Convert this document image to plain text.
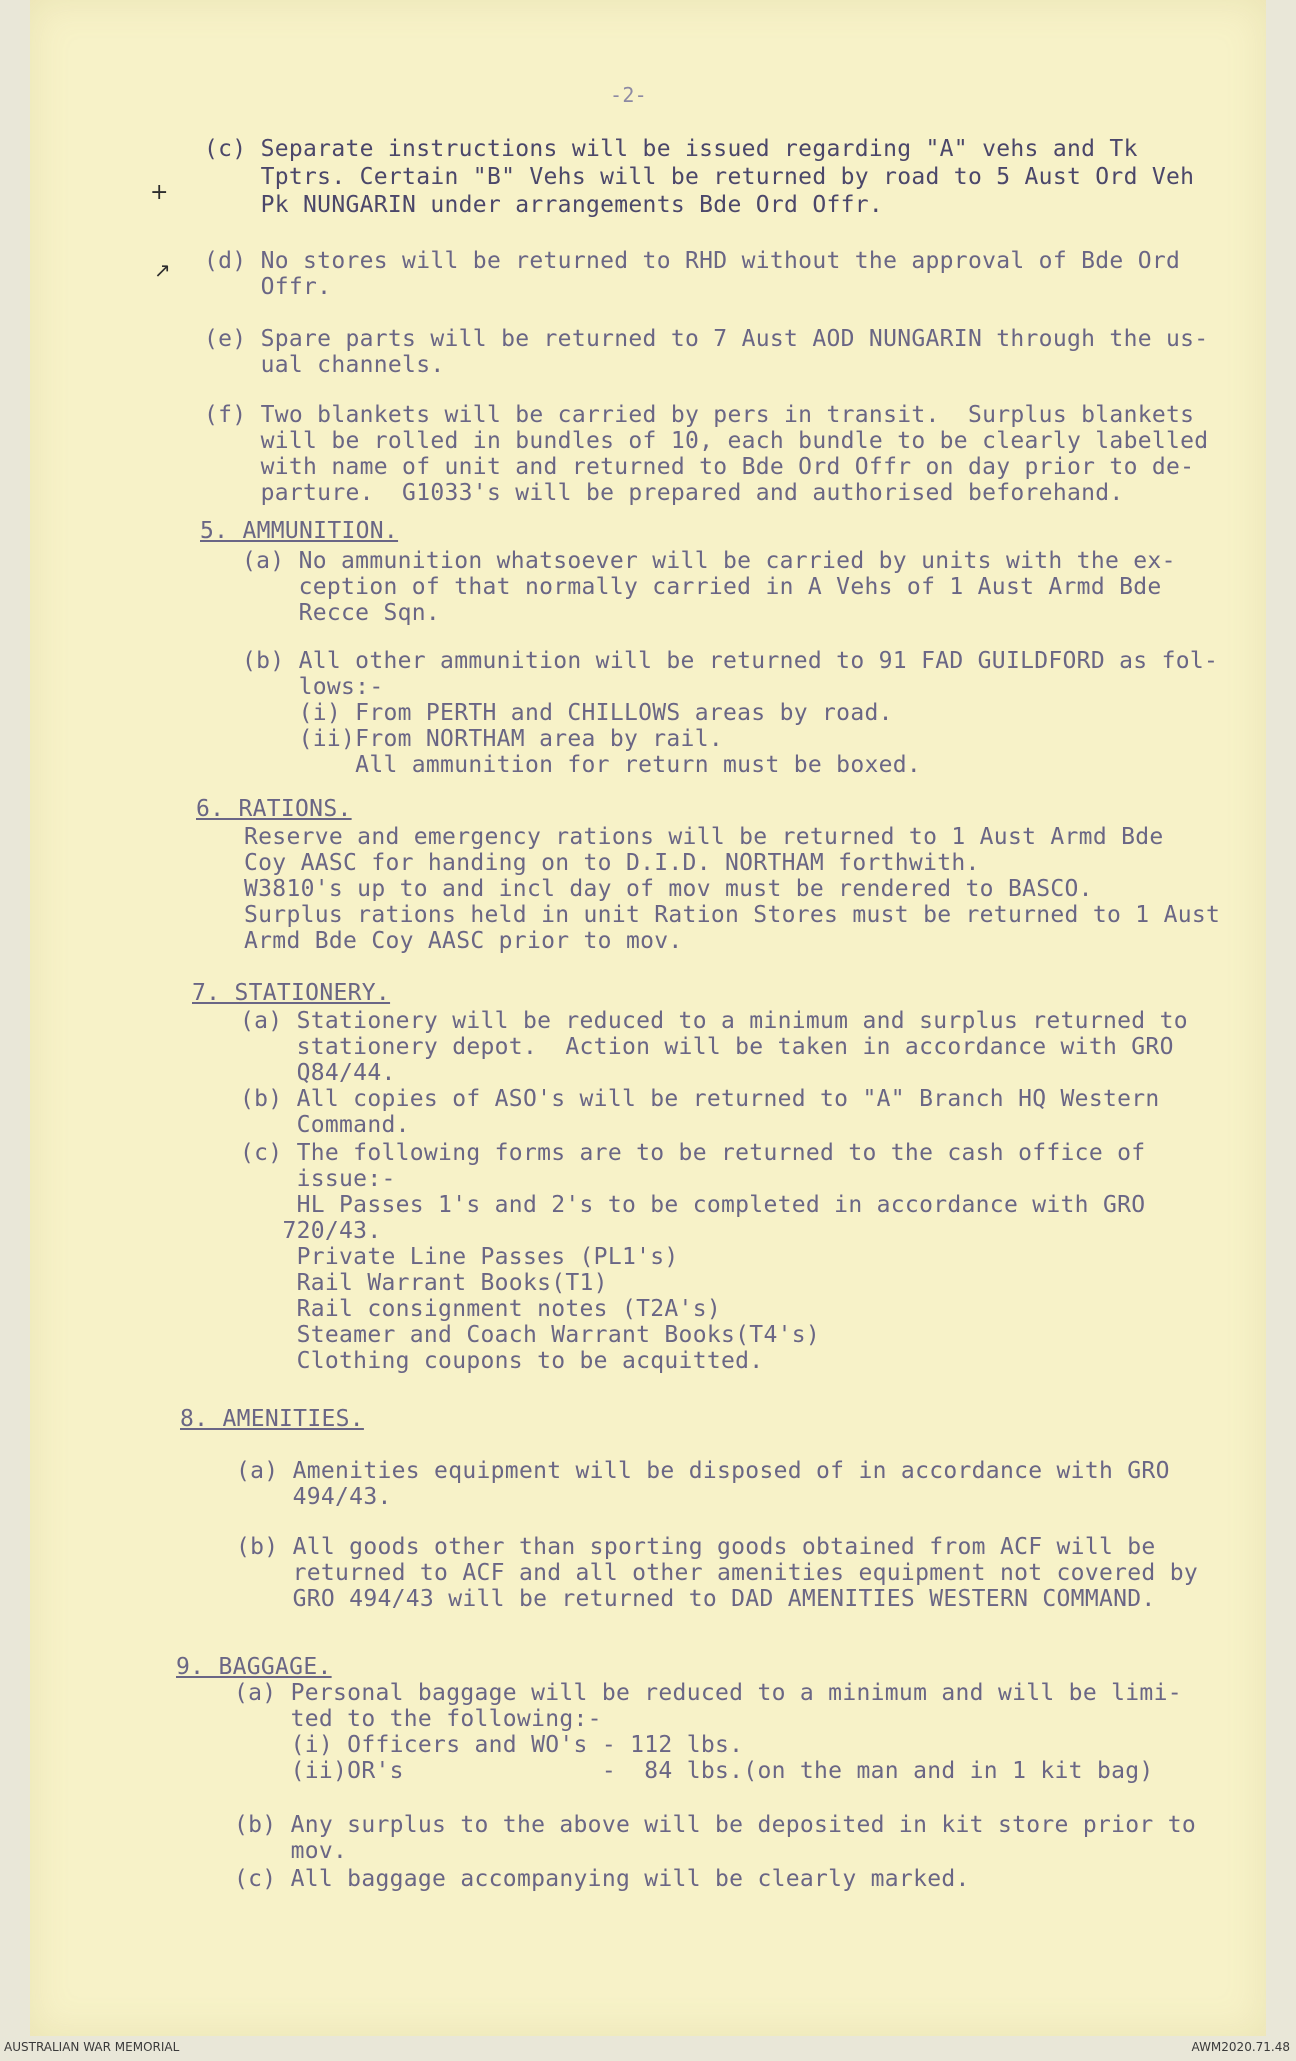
-2-
+
↗
(c) Separate instructions will be issued regarding "A" vehs and Tk
Tptrs. Certain "B" Vehs will be returned by road to 5 Aust Ord Veh
Pk NUNGARIN under arrangements Bde Ord Offr.
(d) No stores will be returned to RHD without the approval of Bde Ord
Offr.
(e) Spare parts will be returned to 7 Aust AOD NUNGARIN through the us-
ual channels.
(f) Two blankets will be carried by pers in transit.  Surplus blankets
will be rolled in bundles of 10, each bundle to be clearly labelled
with name of unit and returned to Bde Ord Offr on day prior to de-
parture.  G1033's will be prepared and authorised beforehand.
5. AMMUNITION.
(a) No ammunition whatsoever will be carried by units with the ex-
ception of that normally carried in A Vehs of 1 Aust Armd Bde
Recce Sqn.
(b) All other ammunition will be returned to 91 FAD GUILDFORD as fol-
lows:-
(i) From PERTH and CHILLOWS areas by road.
(ii)From NORTHAM area by rail.
All ammunition for return must be boxed.
6. RATIONS.
Reserve and emergency rations will be returned to 1 Aust Armd Bde
Coy AASC for handing on to D.I.D. NORTHAM forthwith.
W3810's up to and incl day of mov must be rendered to BASCO.
Surplus rations held in unit Ration Stores must be returned to 1 Aust
Armd Bde Coy AASC prior to mov.
7. STATIONERY.
(a) Stationery will be reduced to a minimum and surplus returned to
stationery depot.  Action will be taken in accordance with GRO
Q84/44.
(b) All copies of ASO's will be returned to "A" Branch HQ Western
Command.
(c) The following forms are to be returned to the cash office of
issue:-
HL Passes 1's and 2's to be completed in accordance with GRO
720/43.
Private Line Passes (PL1's)
Rail Warrant Books(T1)
Rail consignment notes (T2A's)
Steamer and Coach Warrant Books(T4's)
Clothing coupons to be acquitted.
8. AMENITIES.
(a) Amenities equipment will be disposed of in accordance with GRO
494/43.
(b) All goods other than sporting goods obtained from ACF will be
returned to ACF and all other amenities equipment not covered by
GRO 494/43 will be returned to DAD AMENITIES WESTERN COMMAND.
9. BAGGAGE.
(a) Personal baggage will be reduced to a minimum and will be limi-
ted to the following:-
(i) Officers and WO's - 112 lbs.
(ii)OR's              -  84 lbs.(on the man and in 1 kit bag)
(b) Any surplus to the above will be deposited in kit store prior to
mov.
(c) All baggage accompanying will be clearly marked.
AUSTRALIAN WAR MEMORIAL	AWM2020.71.48
